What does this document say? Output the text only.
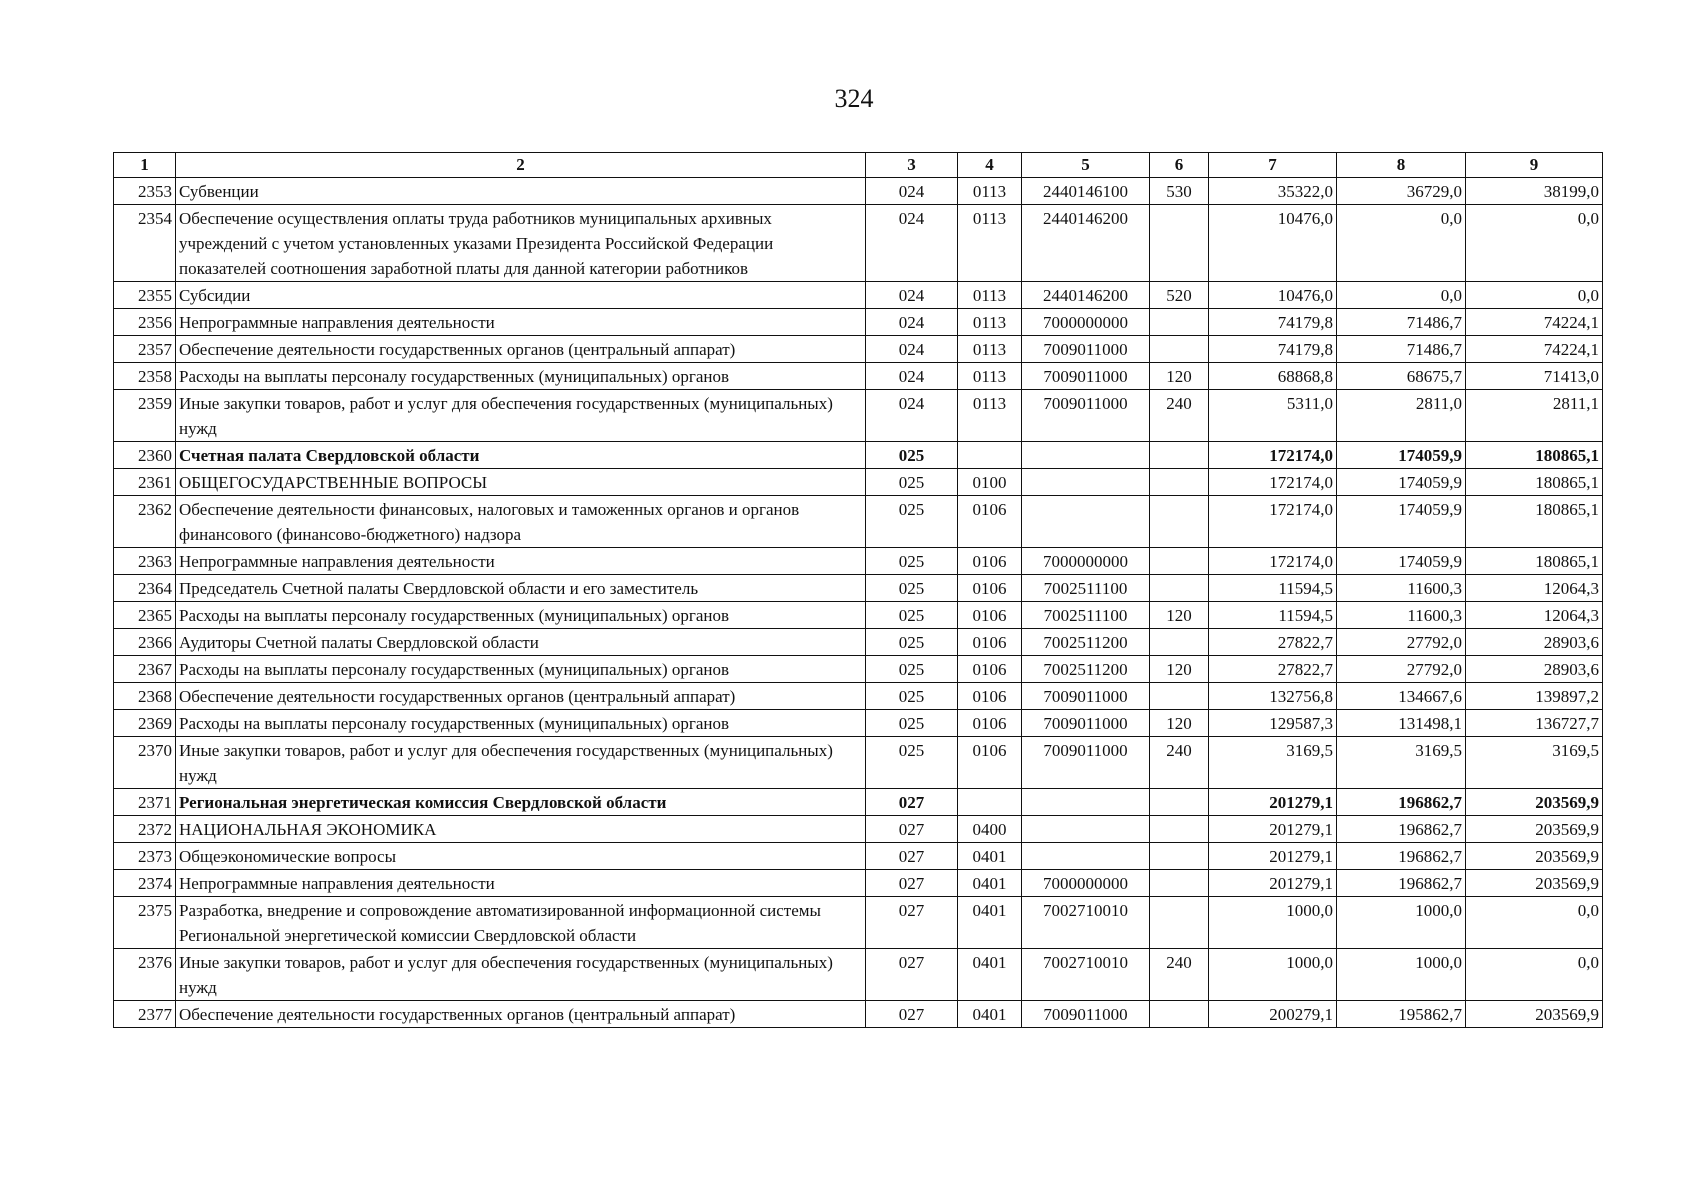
324
1	2	3	4	5	6	7	8	9
2353	Субвенции	024	0113	2440146100	530	35322,0	36729,0	38199,0
2354	Обеспечение осуществления оплаты труда работников муниципальных архивных учреждений с учетом установленных указами Президента Российской Федерации показателей соотношения заработной платы для данной категории работников	024	0113	2440146200		10476,0	0,0	0,0
2355	Субсидии	024	0113	2440146200	520	10476,0	0,0	0,0
2356	Непрограммные направления деятельности	024	0113	7000000000		74179,8	71486,7	74224,1
2357	Обеспечение деятельности государственных органов (центральный аппарат)	024	0113	7009011000		74179,8	71486,7	74224,1
2358	Расходы на выплаты персоналу государственных (муниципальных) органов	024	0113	7009011000	120	68868,8	68675,7	71413,0
2359	Иные закупки товаров, работ и услуг для обеспечения государственных (муниципальных) нужд	024	0113	7009011000	240	5311,0	2811,0	2811,1
2360	Счетная палата Свердловской области	025				172174,0	174059,9	180865,1
2361	ОБЩЕГОСУДАРСТВЕННЫЕ ВОПРОСЫ	025	0100			172174,0	174059,9	180865,1
2362	Обеспечение деятельности финансовых, налоговых и таможенных органов и органов финансового (финансово-бюджетного) надзора	025	0106			172174,0	174059,9	180865,1
2363	Непрограммные направления деятельности	025	0106	7000000000		172174,0	174059,9	180865,1
2364	Председатель Счетной палаты Свердловской области и его заместитель	025	0106	7002511100		11594,5	11600,3	12064,3
2365	Расходы на выплаты персоналу государственных (муниципальных) органов	025	0106	7002511100	120	11594,5	11600,3	12064,3
2366	Аудиторы Счетной палаты Свердловской области	025	0106	7002511200		27822,7	27792,0	28903,6
2367	Расходы на выплаты персоналу государственных (муниципальных) органов	025	0106	7002511200	120	27822,7	27792,0	28903,6
2368	Обеспечение деятельности государственных органов (центральный аппарат)	025	0106	7009011000		132756,8	134667,6	139897,2
2369	Расходы на выплаты персоналу государственных (муниципальных) органов	025	0106	7009011000	120	129587,3	131498,1	136727,7
2370	Иные закупки товаров, работ и услуг для обеспечения государственных (муниципальных) нужд	025	0106	7009011000	240	3169,5	3169,5	3169,5
2371	Региональная энергетическая комиссия Свердловской области	027				201279,1	196862,7	203569,9
2372	НАЦИОНАЛЬНАЯ ЭКОНОМИКА	027	0400			201279,1	196862,7	203569,9
2373	Общеэкономические вопросы	027	0401			201279,1	196862,7	203569,9
2374	Непрограммные направления деятельности	027	0401	7000000000		201279,1	196862,7	203569,9
2375	Разработка, внедрение и сопровождение автоматизированной информационной системы Региональной энергетической комиссии Свердловской области	027	0401	7002710010		1000,0	1000,0	0,0
2376	Иные закупки товаров, работ и услуг для обеспечения государственных (муниципальных) нужд	027	0401	7002710010	240	1000,0	1000,0	0,0
2377	Обеспечение деятельности государственных органов (центральный аппарат)	027	0401	7009011000		200279,1	195862,7	203569,9
